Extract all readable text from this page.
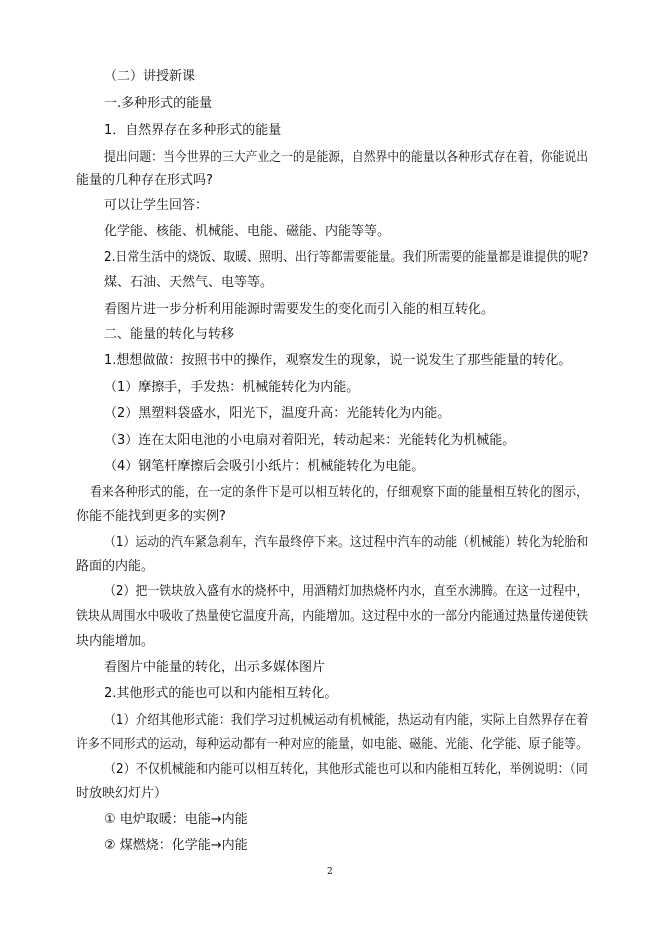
（二）讲授新课
一.多种形式的能量
1．自然界存在多种形式的能量
提出问题：当今世界的三大产业之一的是能源，自然界中的能量以各种形式存在着，你能说出
能量的几种存在形式吗?
可以让学生回答：
化学能、核能、机械能、电能、磁能、内能等等。
2.日常生活中的烧饭、取暖、照明、出行等都需要能量。我们所需要的能量都是谁提供的呢?
煤、石油、天然气、电等等。
看图片进一步分析利用能源时需要发生的变化而引入能的相互转化。
二、能量的转化与转移
1.想想做做：按照书中的操作，观察发生的现象，说一说发生了那些能量的转化。
（1）摩擦手，手发热：机械能转化为内能。
（2）黑塑料袋盛水，阳光下，温度升高：光能转化为内能。
（3）连在太阳电池的小电扇对着阳光，转动起来：光能转化为机械能。
（4）钢笔杆摩擦后会吸引小纸片：机械能转化为电能。
看来各种形式的能，在一定的条件下是可以相互转化的，仔细观察下面的能量相互转化的图示，
你能不能找到更多的实例?
（1）运动的汽车紧急刹车，汽车最终停下来。这过程中汽车的动能（机械能）转化为轮胎和
路面的内能。
（2）把一铁块放入盛有水的烧杯中，用酒精灯加热烧杯内水，直至水沸腾。在这一过程中，
铁块从周围水中吸收了热量使它温度升高，内能增加。这过程中水的一部分内能通过热量传递使铁
块内能增加。
看图片中能量的转化，出示多媒体图片
2.其他形式的能也可以和内能相互转化。
（1）介绍其他形式能：我们学习过机械运动有机械能，热运动有内能，实际上自然界存在着
许多不同形式的运动，每种运动都有一种对应的能量，如电能、磁能、光能、化学能、原子能等。
（2）不仅机械能和内能可以相互转化，其他形式能也可以和内能相互转化，举例说明：（同
时放映幻灯片）
① 电炉取暖：电能→内能
② 煤燃烧：化学能→内能
2
